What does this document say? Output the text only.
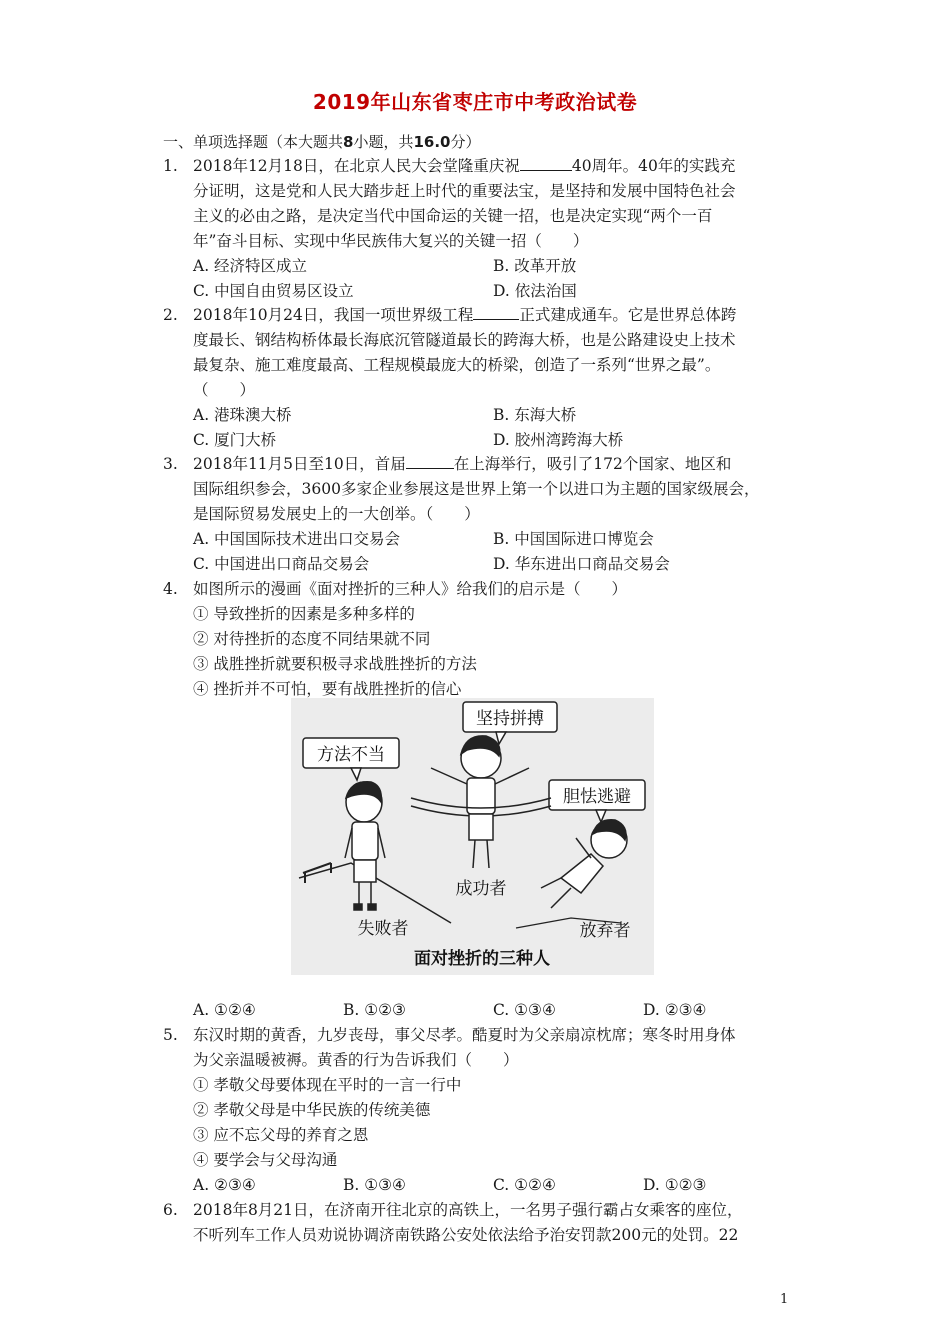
2019年山东省枣庄市中考政治试卷
一、单项选择题（本大题共8小题，共16.0分）
1. 2018年12月18日，在北京人民大会堂隆重庆祝	40周年。40年的实践充
分证明，这是党和人民大踏步赶上时代的重要法宝，是坚持和发展中国特色社会
主义的必由之路，是决定当代中国命运的关键一招，也是决定实现“两个一百
年”奋斗目标、实现中华民族伟大复兴的关键一招（　　）
A. 经济特区成立	B. 改革开放
C. 中国自由贸易区设立	D. 依法治国
2. 2018年10月24日，我国一项世界级工程	正式建成通车。它是世界总体跨
度最长、钢结构桥体最长海底沉管隧道最长的跨海大桥，也是公路建设史上技术
最复杂、施工难度最高、工程规模最庞大的桥梁，创造了一系列“世界之最”。
（　　）
A. 港珠澳大桥	B. 东海大桥
C. 厦门大桥	D. 胶州湾跨海大桥
3. 2018年11月5日至10日，首届	在上海举行，吸引了172个国家、地区和
国际组织参会，3600多家企业参展这是世界上第一个以进口为主题的国家级展会，
是国际贸易发展史上的一大创举。（　　）
A. 中国国际技术进出口交易会	B. 中国国际进口博览会
C. 中国进出口商品交易会	D. 华东进出口商品交易会
4. 如图所示的漫画《面对挫折的三种人》给我们的启示是（　　）
① 导致挫折的因素是多种多样的
② 对待挫折的态度不同结果就不同
③ 战胜挫折就要积极寻求战胜挫折的方法
④ 挫折并不可怕，要有战胜挫折的信心
方法不当
坚持拼搏
胆怯逃避
失败者
成功者
放弃者
面对挫折的三种人
A. ①②④	B. ①②③	C. ①③④	D. ②③④
5. 东汉时期的黄香，九岁丧母，事父尽孝。酷夏时为父亲扇凉枕席；寒冬时用身体
为父亲温暖被褥。黄香的行为告诉我们（　　）
① 孝敬父母要体现在平时的一言一行中
② 孝敬父母是中华民族的传统美德
③ 应不忘父母的养育之恩
④ 要学会与父母沟通
A. ②③④	B. ①③④	C. ①②④	D. ①②③
6. 2018年8月21日，在济南开往北京的高铁上，一名男子强行霸占女乘客的座位，
不听列车工作人员劝说协调济南铁路公安处依法给予治安罚款200元的处罚。22
1
